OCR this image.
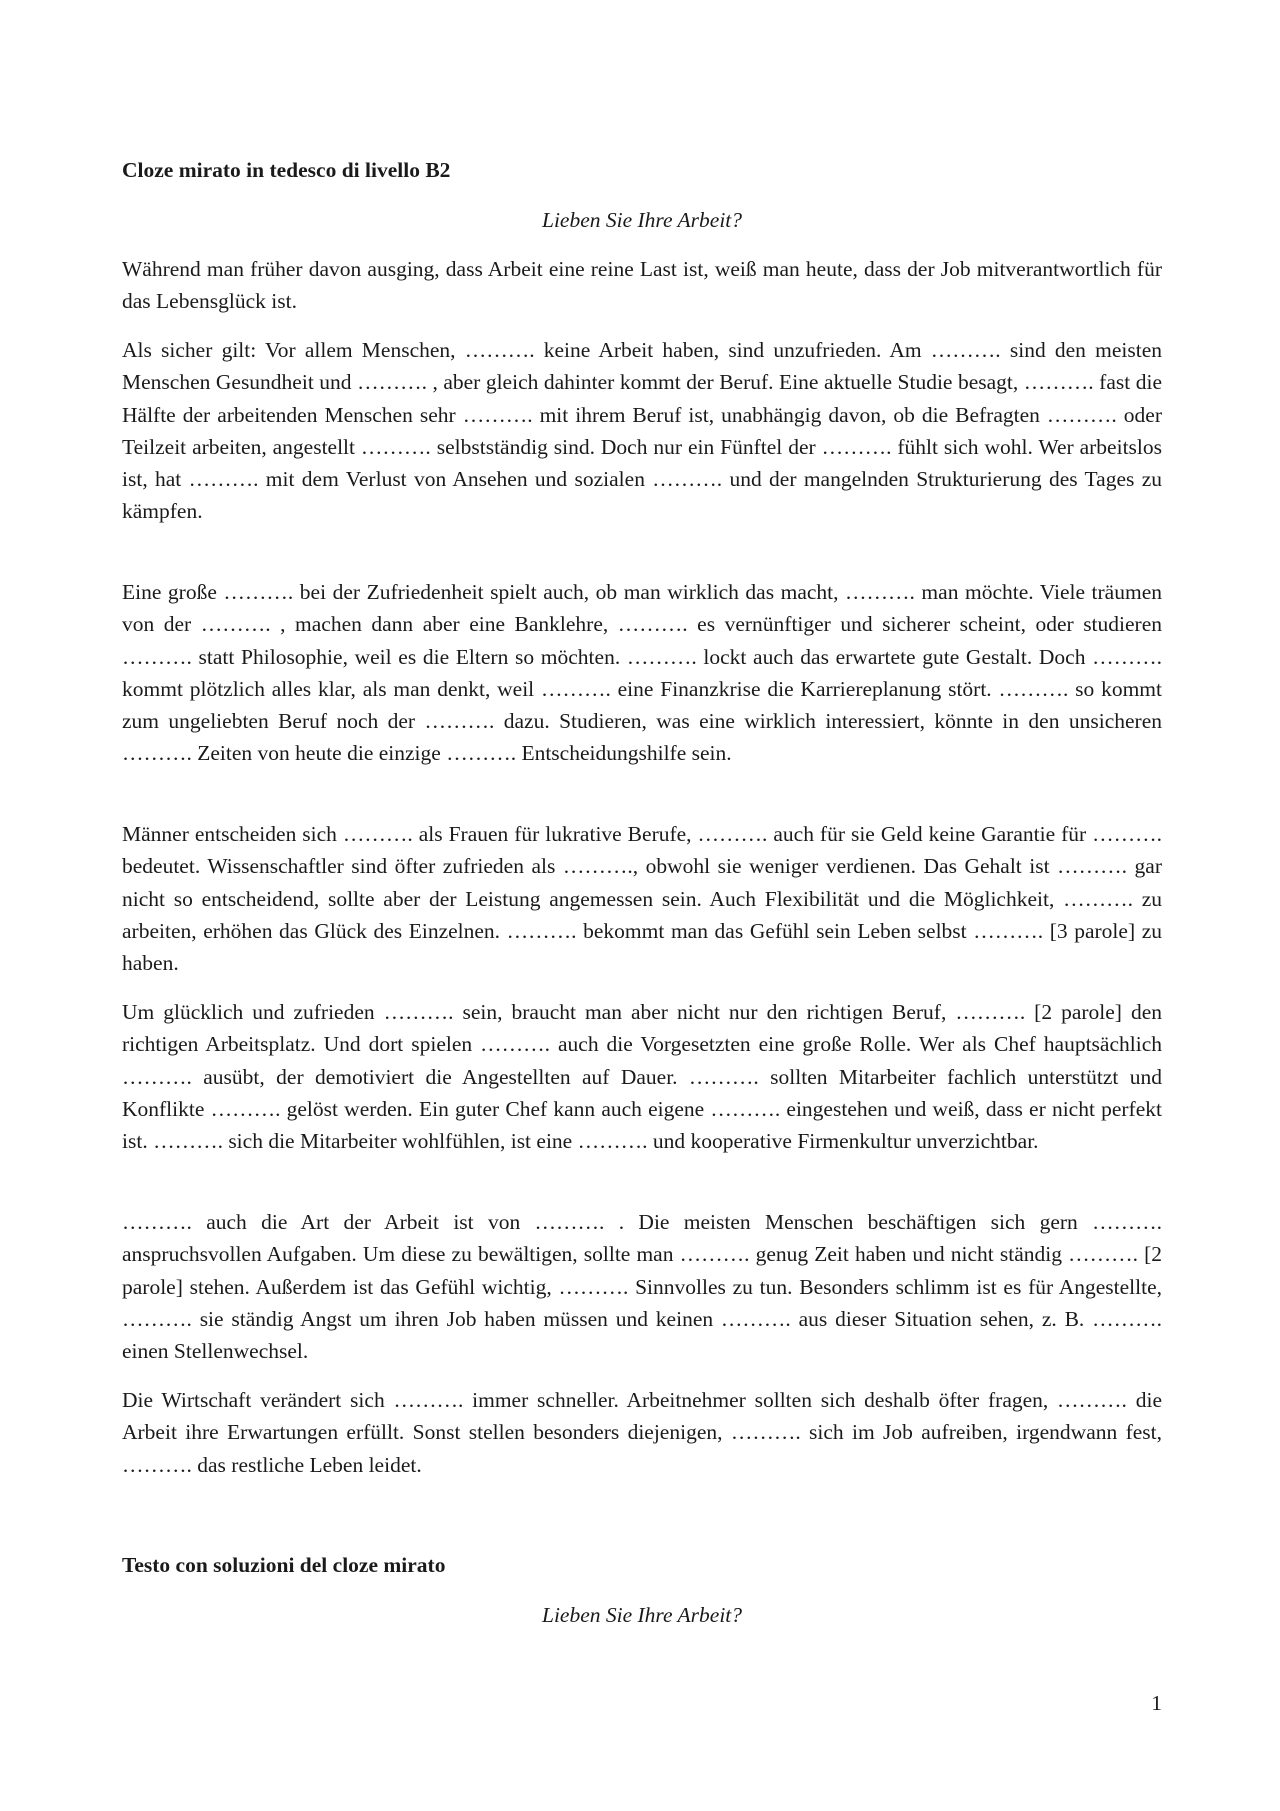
Cloze mirato in tedesco di livello B2

Lieben Sie Ihre Arbeit?

Während man früher davon ausging, dass Arbeit eine reine Last ist, weiß man heute, dass der Job mitverantwortlich für das Lebensglück ist.

Als sicher gilt: Vor allem Menschen, ………. keine Arbeit haben, sind unzufrieden. Am ………. sind den meisten Menschen Gesundheit und ………. , aber gleich dahinter kommt der Beruf. Eine aktuelle Studie besagt, ………. fast die Hälfte der arbeitenden Menschen sehr ………. mit ihrem Beruf ist, unabhängig davon, ob die Befragten ………. oder Teilzeit arbeiten, angestellt ………. selbstständig sind. Doch nur ein Fünftel der ………. fühlt sich wohl. Wer arbeitslos ist, hat ………. mit dem Verlust von Ansehen und sozialen ………. und der mangelnden Strukturierung des Tages zu kämpfen.

Eine große ………. bei der Zufriedenheit spielt auch, ob man wirklich das macht, ………. man möchte. Viele träumen von der ………. , machen dann aber eine Banklehre, ………. es vernünftiger und sicherer scheint, oder studieren ………. statt Philosophie, weil es die Eltern so möchten. ………. lockt auch das erwartete gute Gestalt. Doch ………. kommt plötzlich alles klar, als man denkt, weil ………. eine Finanzkrise die Karriereplanung stört. ………. so kommt zum ungeliebten Beruf noch der ………. dazu. Studieren, was eine wirklich interessiert, könnte in den unsicheren ………. Zeiten von heute die einzige ………. Entscheidungshilfe sein.

Männer entscheiden sich ………. als Frauen für lukrative Berufe, ………. auch für sie Geld keine Garantie für ………. bedeutet. Wissenschaftler sind öfter zufrieden als ………., obwohl sie weniger verdienen. Das Gehalt ist ………. gar nicht so entscheidend, sollte aber der Leistung angemessen sein. Auch Flexibilität und die Möglichkeit, ………. zu arbeiten, erhöhen das Glück des Einzelnen. ………. bekommt man das Gefühl sein Leben selbst ………. [3 parole] zu haben.

Um glücklich und zufrieden ………. sein, braucht man aber nicht nur den richtigen Beruf, ………. [2 parole] den richtigen Arbeitsplatz. Und dort spielen ………. auch die Vorgesetzten eine große Rolle. Wer als Chef hauptsächlich ………. ausübt, der demotiviert die Angestellten auf Dauer. ………. sollten Mitarbeiter fachlich unterstützt und Konflikte ………. gelöst werden. Ein guter Chef kann auch eigene ………. eingestehen und weiß, dass er nicht perfekt ist. ………. sich die Mitarbeiter wohlfühlen, ist eine ………. und kooperative Firmenkultur unverzichtbar.

………. auch die Art der Arbeit ist von ………. . Die meisten Menschen beschäftigen sich gern ………. anspruchsvollen Aufgaben. Um diese zu bewältigen, sollte man ………. genug Zeit haben und nicht ständig ………. [2 parole] stehen. Außerdem ist das Gefühl wichtig, ………. Sinnvolles zu tun. Besonders schlimm ist es für Angestellte, ………. sie ständig Angst um ihren Job haben müssen und keinen ………. aus dieser Situation sehen, z. B. ………. einen Stellenwechsel.

Die Wirtschaft verändert sich ………. immer schneller. Arbeitnehmer sollten sich deshalb öfter fragen, ………. die Arbeit ihre Erwartungen erfüllt. Sonst stellen besonders diejenigen, ………. sich im Job aufreiben, irgendwann fest, ………. das restliche Leben leidet.

Testo con soluzioni del cloze mirato

Lieben Sie Ihre Arbeit?

1
